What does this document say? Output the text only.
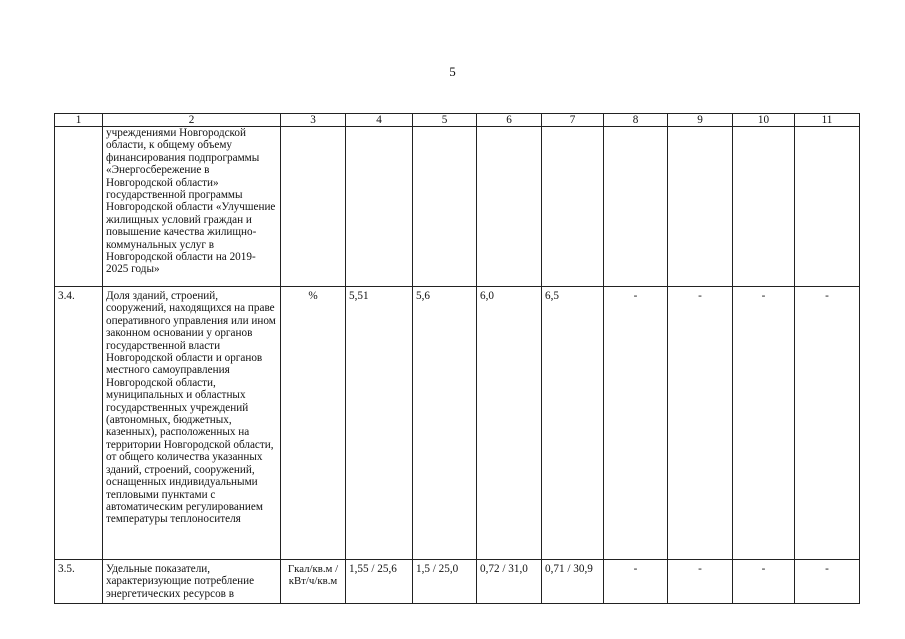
5
1	2	3	4	5	6	7	8	9	10	11
	учреждениями Новгородской области, к общему объему финансирования подпрограммы «Энергосбережение в Новгородской области» государственной программы Новгородской области «Улучшение жилищных условий граждан и повышение качества жилищно-коммунальных услуг в Новгородской области на 2019-2025 годы»									
3.4.	Доля зданий, строений, сооружений, находящихся на праве оперативного управления или ином законном основании у органов государственной власти Новгородской области и органов местного самоуправления Новгородской области, муниципальных и областных государственных учреждений (автономных, бюджетных, казенных), расположенных на территории Новгородской области, от общего количества указанных зданий, строений, сооружений, оснащенных индивидуальными тепловыми пунктами с автоматическим регулированием температуры теплоносителя	%	5,51	5,6	6,0	6,5	-	-	-	-
3.5.	Удельные показатели, характеризующие потребление энергетических ресурсов в	Гкал/кв.м / кВт/ч/кв.м	1,55 / 25,6	1,5 / 25,0	0,72 / 31,0	0,71 / 30,9	-	-	-	-
